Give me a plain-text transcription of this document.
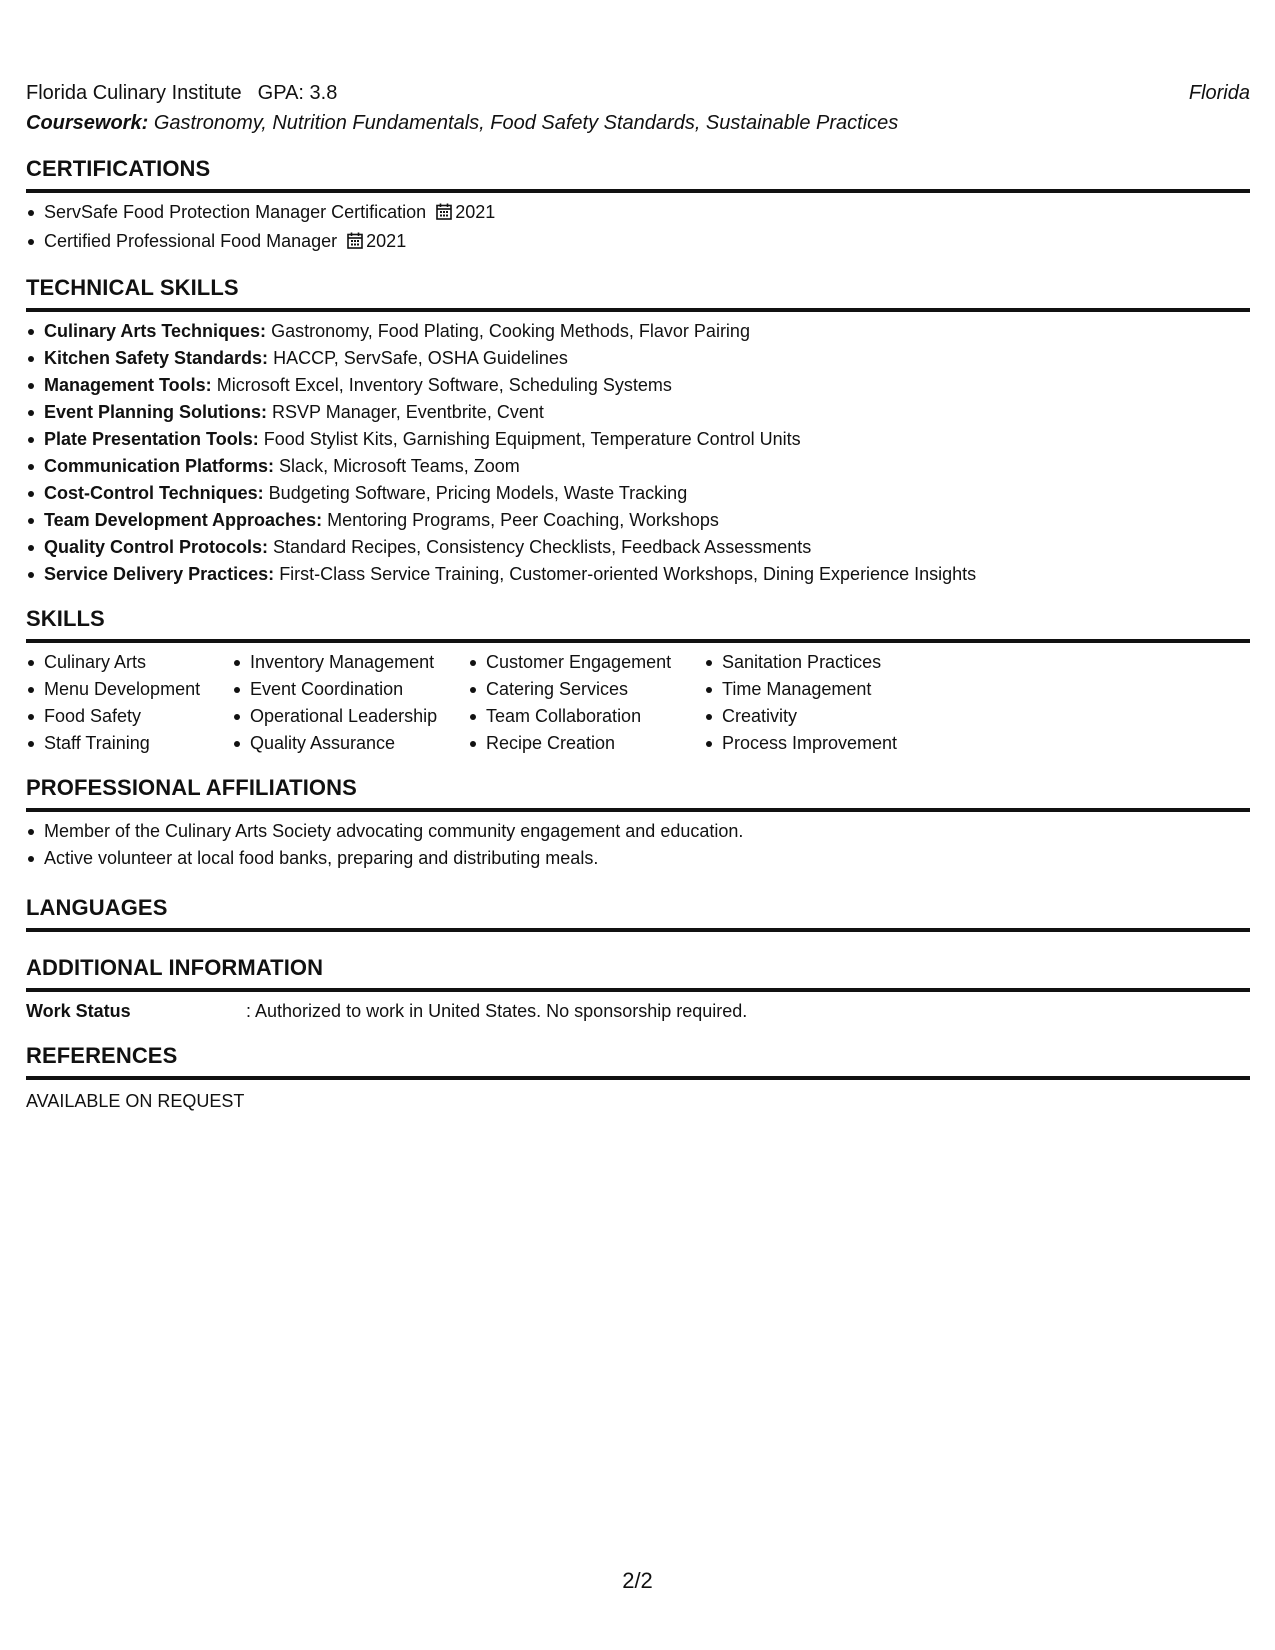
Florida Culinary Institute GPA: 3.8	Florida
Coursework: Gastronomy, Nutrition Fundamentals, Food Safety Standards, Sustainable Practices
CERTIFICATIONS
ServSafe Food Protection Manager Certification 2021
Certified Professional Food Manager 2021
TECHNICAL SKILLS
Culinary Arts Techniques: Gastronomy, Food Plating, Cooking Methods, Flavor Pairing
Kitchen Safety Standards: HACCP, ServSafe, OSHA Guidelines
Management Tools: Microsoft Excel, Inventory Software, Scheduling Systems
Event Planning Solutions: RSVP Manager, Eventbrite, Cvent
Plate Presentation Tools: Food Stylist Kits, Garnishing Equipment, Temperature Control Units
Communication Platforms: Slack, Microsoft Teams, Zoom
Cost-Control Techniques: Budgeting Software, Pricing Models, Waste Tracking
Team Development Approaches: Mentoring Programs, Peer Coaching, Workshops
Quality Control Protocols: Standard Recipes, Consistency Checklists, Feedback Assessments
Service Delivery Practices: First-Class Service Training, Customer-oriented Workshops, Dining Experience Insights
SKILLS
Culinary Arts
Menu Development
Food Safety
Staff Training
Inventory Management
Event Coordination
Operational Leadership
Quality Assurance
Customer Engagement
Catering Services
Team Collaboration
Recipe Creation
Sanitation Practices
Time Management
Creativity
Process Improvement
PROFESSIONAL AFFILIATIONS
Member of the Culinary Arts Society advocating community engagement and education.
Active volunteer at local food banks, preparing and distributing meals.
LANGUAGES
ADDITIONAL INFORMATION
Work Status	: Authorized to work in United States. No sponsorship required.
REFERENCES
AVAILABLE ON REQUEST
2/2
